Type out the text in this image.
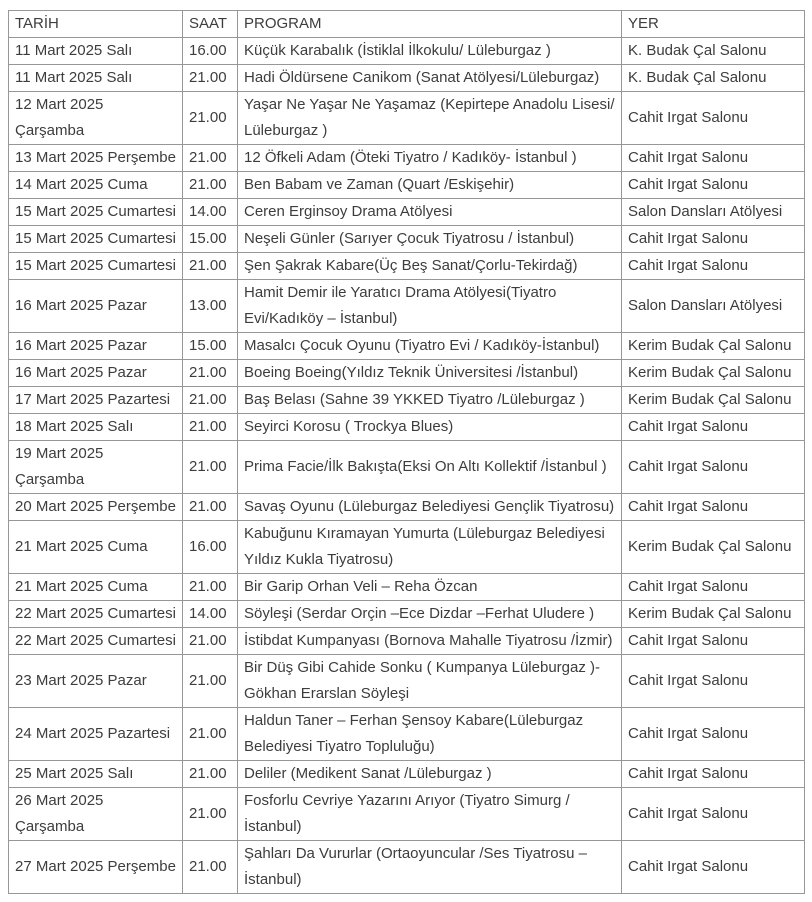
TARİH	SAAT	PROGRAM	YER
11 Mart 2025 Salı	16.00	Küçük Karabalık (İstiklal İlkokulu/ Lüleburgaz )	K. Budak Çal Salonu
11 Mart 2025 Salı	21.00	Hadi Öldürsene Canikom (Sanat Atölyesi/Lüleburgaz)	K. Budak Çal Salonu
12 Mart 2025 Çarşamba	21.00	Yaşar Ne Yaşar Ne Yaşamaz (Kepirtepe Anadolu Lisesi/ Lüleburgaz )	Cahit Irgat Salonu
13 Mart 2025 Perşembe	21.00	12 Öfkeli Adam (Öteki Tiyatro / Kadıköy- İstanbul )	Cahit Irgat Salonu
14 Mart 2025 Cuma	21.00	Ben Babam ve Zaman (Quart /Eskişehir)	Cahit Irgat Salonu
15 Mart 2025 Cumartesi	14.00	Ceren Erginsoy Drama Atölyesi	Salon Dansları Atölyesi
15 Mart 2025 Cumartesi	15.00	Neşeli Günler (Sarıyer Çocuk Tiyatrosu / İstanbul)	Cahit Irgat Salonu
15 Mart 2025 Cumartesi	21.00	Şen Şakrak Kabare(Üç Beş Sanat/Çorlu-Tekirdağ)	Cahit Irgat Salonu
16 Mart 2025 Pazar	13.00	Hamit Demir ile Yaratıcı Drama Atölyesi(Tiyatro Evi/Kadıköy – İstanbul)	Salon Dansları Atölyesi
16 Mart 2025 Pazar	15.00	Masalcı Çocuk Oyunu (Tiyatro Evi / Kadıköy-İstanbul)	Kerim Budak Çal Salonu
16 Mart 2025 Pazar	21.00	Boeing Boeing(Yıldız Teknik Üniversitesi /İstanbul)	Kerim Budak Çal Salonu
17 Mart 2025 Pazartesi	21.00	Baş Belası (Sahne 39 YKKED Tiyatro /Lüleburgaz )	Kerim Budak Çal Salonu
18 Mart 2025 Salı	21.00	Seyirci Korosu ( Trockya Blues)	Cahit Irgat Salonu
19 Mart 2025 Çarşamba	21.00	Prima Facie/İlk Bakışta(Eksi On Altı Kollektif /İstanbul )	Cahit Irgat Salonu
20 Mart 2025 Perşembe	21.00	Savaş Oyunu (Lüleburgaz Belediyesi Gençlik Tiyatrosu)	Cahit Irgat Salonu
21 Mart 2025 Cuma	16.00	Kabuğunu Kıramayan Yumurta (Lüleburgaz Belediyesi Yıldız Kukla Tiyatrosu)	Kerim Budak Çal Salonu
21 Mart 2025 Cuma	21.00	Bir Garip Orhan Veli – Reha Özcan	Cahit Irgat Salonu
22 Mart 2025 Cumartesi	14.00	Söyleşi (Serdar Orçin –Ece Dizdar –Ferhat Uludere )	Kerim Budak Çal Salonu
22 Mart 2025 Cumartesi	21.00	İstibdat Kumpanyası (Bornova Mahalle Tiyatrosu /İzmir)	Cahit Irgat Salonu
23 Mart 2025 Pazar	21.00	Bir Düş Gibi Cahide Sonku ( Kumpanya Lüleburgaz )- Gökhan Erarslan Söyleşi	Cahit Irgat Salonu
24 Mart 2025 Pazartesi	21.00	Haldun Taner – Ferhan Şensoy Kabare(Lüleburgaz Belediyesi Tiyatro Topluluğu)	Cahit Irgat Salonu
25 Mart 2025 Salı	21.00	Deliler (Medikent Sanat /Lüleburgaz )	Cahit Irgat Salonu
26 Mart 2025 Çarşamba	21.00	Fosforlu Cevriye Yazarını Arıyor (Tiyatro Simurg / İstanbul)	Cahit Irgat Salonu
27 Mart 2025 Perşembe	21.00	Şahları Da Vururlar (Ortaoyuncular /Ses Tiyatrosu – İstanbul)	Cahit Irgat Salonu
